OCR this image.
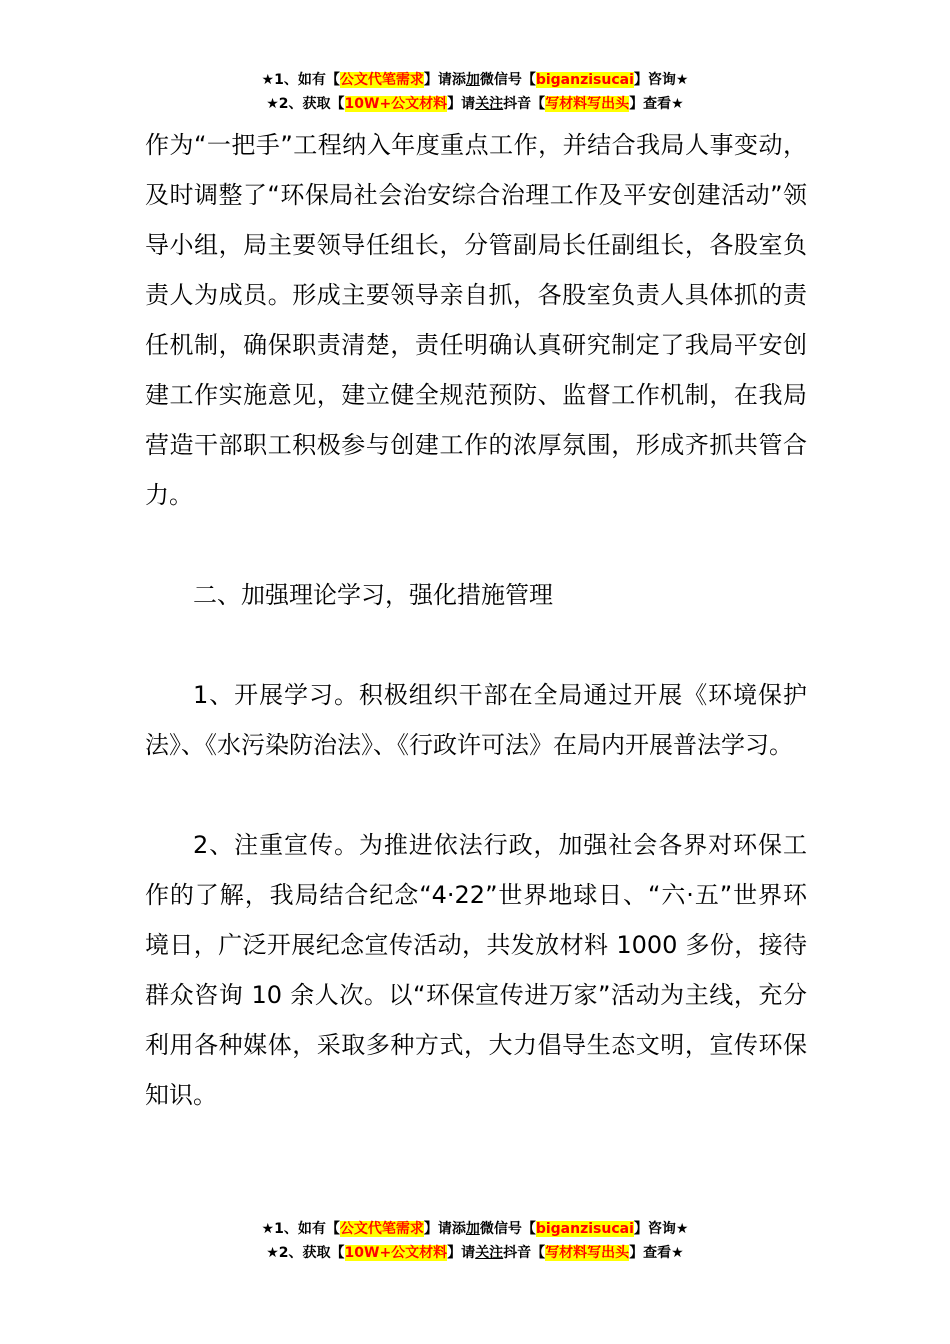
★1、如有【公文代笔需求】请添加微信号【biganzisucai】咨询★
★2、获取【10W+公文材料】请关注抖音【写材料写出头】查看★

作为“一把手”工程纳入年度重点工作，并结合我局人事变动，及时调整了“环保局社会治安综合治理工作及平安创建活动”领导小组，局主要领导任组长，分管副局长任副组长，各股室负责人为成员。形成主要领导亲自抓，各股室负责人具体抓的责任机制，确保职责清楚，责任明确认真研究制定了我局平安创建工作实施意见，建立健全规范预防、监督工作机制，在我局营造干部职工积极参与创建工作的浓厚氛围，形成齐抓共管合力。

二、加强理论学习，强化措施管理

1、开展学习。积极组织干部在全局通过开展《环境保护法》、《水污染防治法》、《行政许可法》在局内开展普法学习。

2、注重宣传。为推进依法行政，加强社会各界对环保工作的了解，我局结合纪念“4·22”世界地球日、“六·五”世界环境日，广泛开展纪念宣传活动，共发放材料 1000 多份，接待群众咨询 10 余人次。以“环保宣传进万家”活动为主线，充分利用各种媒体，采取多种方式，大力倡导生态文明，宣传环保知识。

★1、如有【公文代笔需求】请添加微信号【biganzisucai】咨询★
★2、获取【10W+公文材料】请关注抖音【写材料写出头】查看★
